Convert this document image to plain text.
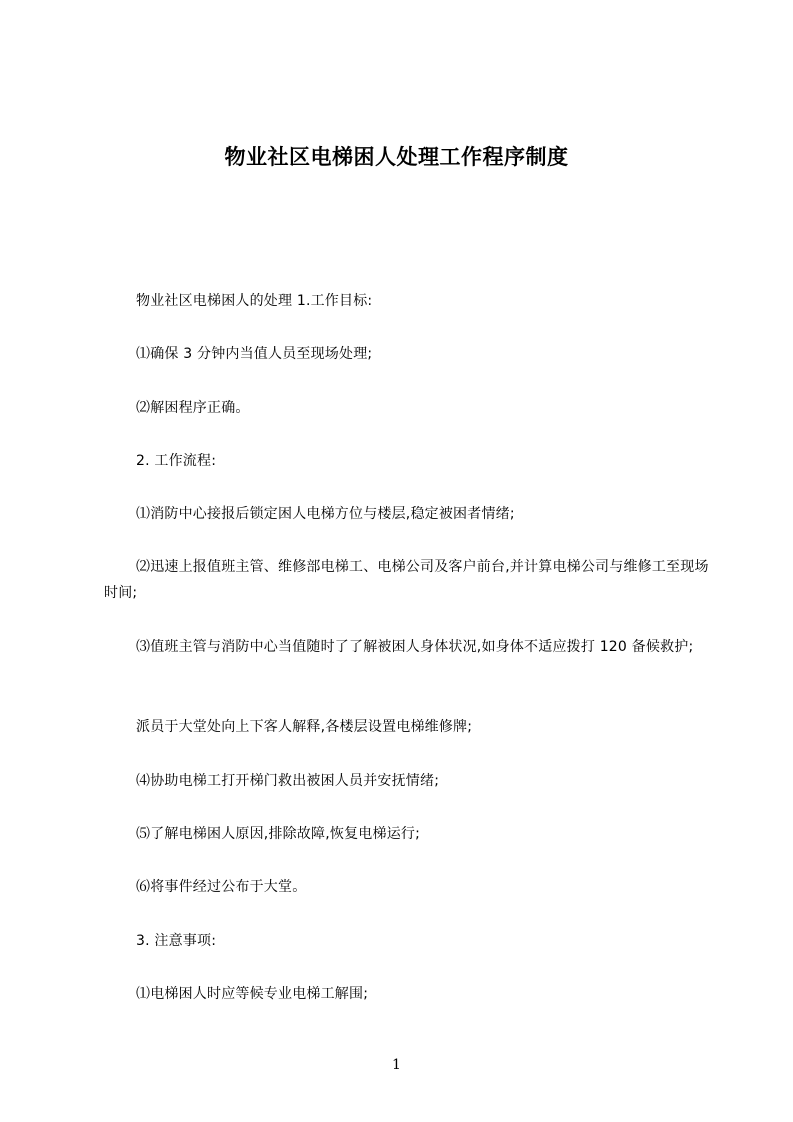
物业社区电梯困人处理工作程序制度
物业社区电梯困人的处理 1.工作目标:
⑴确保 3 分钟内当值人员至现场处理;
⑵解困程序正确。
2. 工作流程:
⑴消防中心接报后锁定困人电梯方位与楼层,稳定被困者情绪;
⑵迅速上报值班主管、维修部电梯工、电梯公司及客户前台,并计算电梯公司与维修工至现场时间;
⑶值班主管与消防中心当值随时了了解被困人身体状况,如身体不适应拨打 120 备候救护;
派员于大堂处向上下客人解释,各楼层设置电梯维修牌;
⑷协助电梯工打开梯门救出被困人员并安抚情绪;
⑸了解电梯困人原因,排除故障,恢复电梯运行;
⑹将事件经过公布于大堂。
3. 注意事项:
⑴电梯困人时应等候专业电梯工解围;
1
